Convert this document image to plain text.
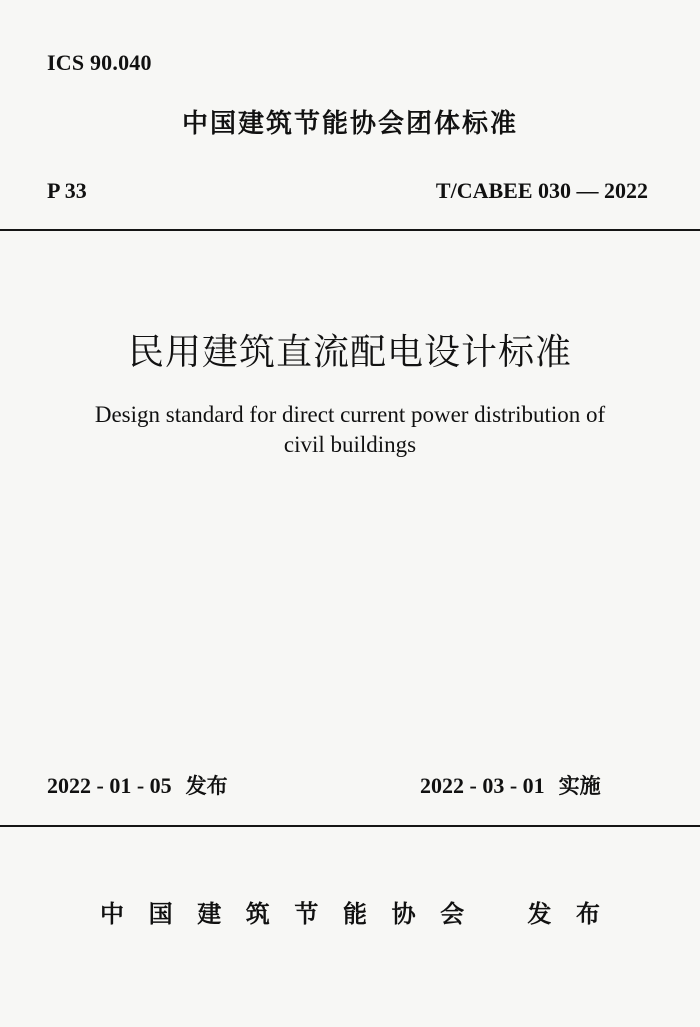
ICS 90.040
中国建筑节能协会团体标准
P 33	T/CABEE 030 — 2022
民用建筑直流配电设计标准
Design standard for direct current power distribution of
civil buildings
2022 - 01 - 05 发布	2022 - 03 - 01 实施
中 国 建 筑 节 能 协 会	发 布
